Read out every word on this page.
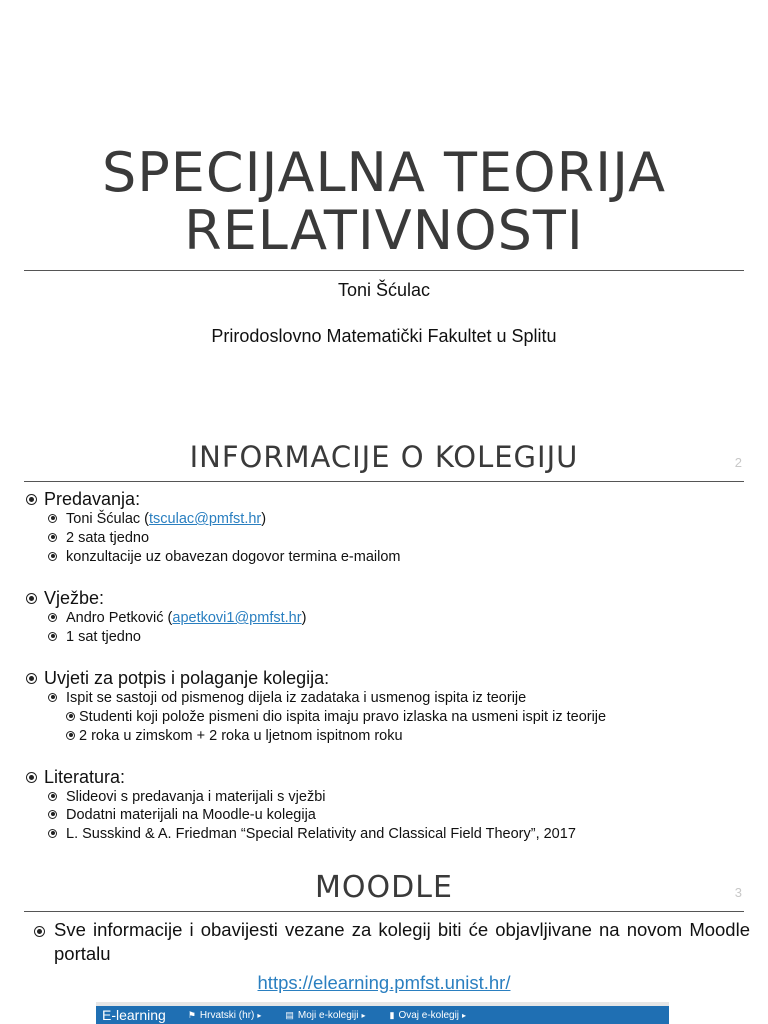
SPECIJALNA TEORIJA
RELATIVNOSTI
Toni Šćulac
Prirodoslovno Matematički Fakultet u Splitu
INFORMACIJE O KOLEGIJU	2
Predavanja:
Toni Šćulac (tsculac@pmfst.hr)
2 sata tjedno
konzultacije uz obavezan dogovor termina e-mailom
Vježbe:
Andro Petković (apetkovi1@pmfst.hr)
1 sat tjedno
Uvjeti za potpis i polaganje kolegija:
Ispit se sastoji od pismenog dijela iz zadataka i usmenog ispita iz teorije
Studenti koji polože pismeni dio ispita imaju pravo izlaska na usmeni ispit iz teorije
2 roka u zimskom + 2 roka u ljetnom ispitnom roku
Literatura:
Slideovi s predavanja i materijali s vježbi
Dodatni materijali na Moodle-u kolegija
L. Susskind & A. Friedman “Special Relativity and Classical Field Theory”, 2017
MOODLE	3
Sve informacije i obavijesti vezane za kolegij biti će objavljivane na novom Moodle portalu
https://elearning.pmfst.unist.hr/
E-learning ⚑ Hrvatski (hr) ▸	▤ Moji e-kolegiji ▸	▮ Ovaj e-kolegij ▸
